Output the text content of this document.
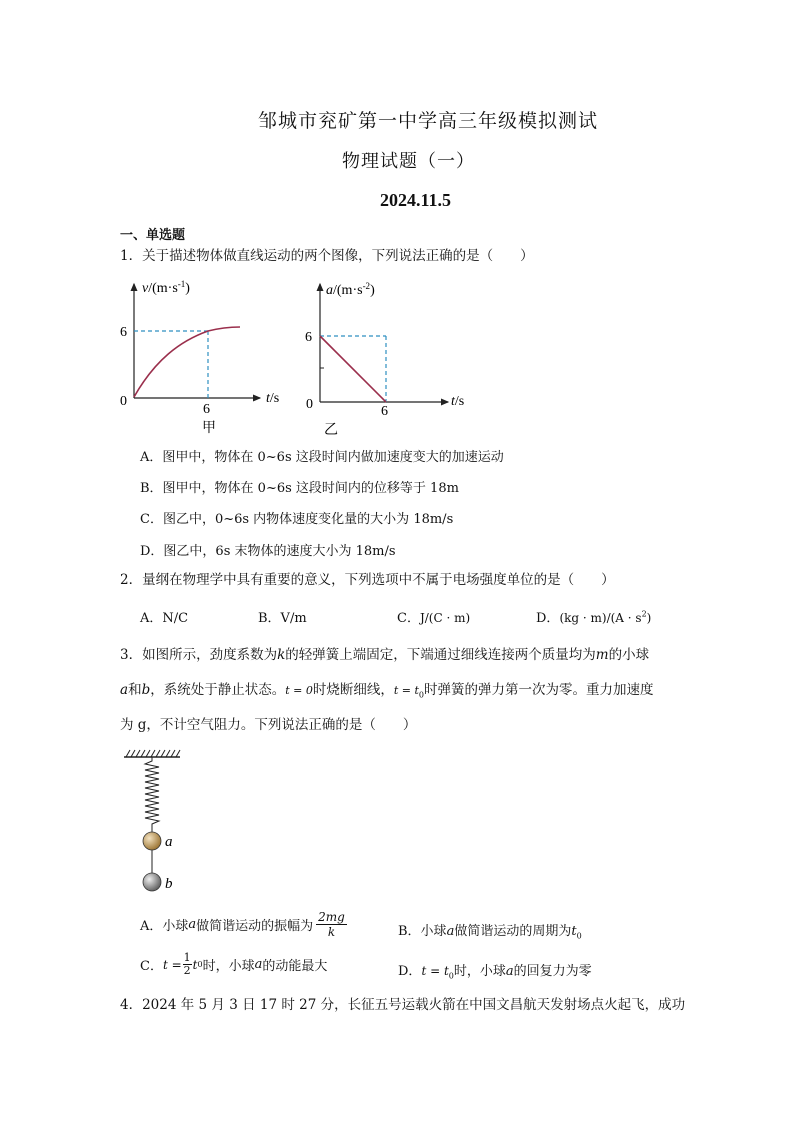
邹城市兖矿第一中学高三年级模拟测试
物理试题（一）
2024.11.5
一、单选题
1．关于描述物体做直线运动的两个图像，下列说法正确的是（　　）
$v/(m\cdot s^{-1})$
6
0
6
t/s
甲
$a/(m\cdot s^{-2})$
6
0	6
t/s
乙
A．图甲中，物体在 0~6s 这段时间内做加速度变大的加速运动
B．图甲中，物体在 0~6s 这段时间内的位移等于 18m
C．图乙中，0~6s 内物体速度变化量的大小为 18m/s
D．图乙中，6s 末物体的速度大小为 18m/s
2．量纲在物理学中具有重要的意义，下列选项中不属于电场强度单位的是（　　）
A．N/C	B．V/m	C．J/(C · m)	D．$(kg \cdot m)/(A \cdot s^2)$
3．如图所示，劲度系数为k的轻弹簧上端固定，下端通过细线连接两个质量均为m的小球
a和b，系统处于静止状态。t = 0时烧断细线，$t = t_0$时弹簧的弹力第一次为零。重力加速度
为 g，不计空气阻力。下列说法正确的是（　　）
a
b
A．小球 a 做简谐运动的振幅为
2mg
k	B．小球a做简谐运动的周期为$t_0$
C． $t = \frac{1}{2}$ t 0 时，小球 a 的动能最大	D．$t = t_0$时，小球a的回复力为零
4．2024 年 5 月 3 日 17 时 27 分，长征五号运载火箭在中国文昌航天发射场点火起飞，成功
